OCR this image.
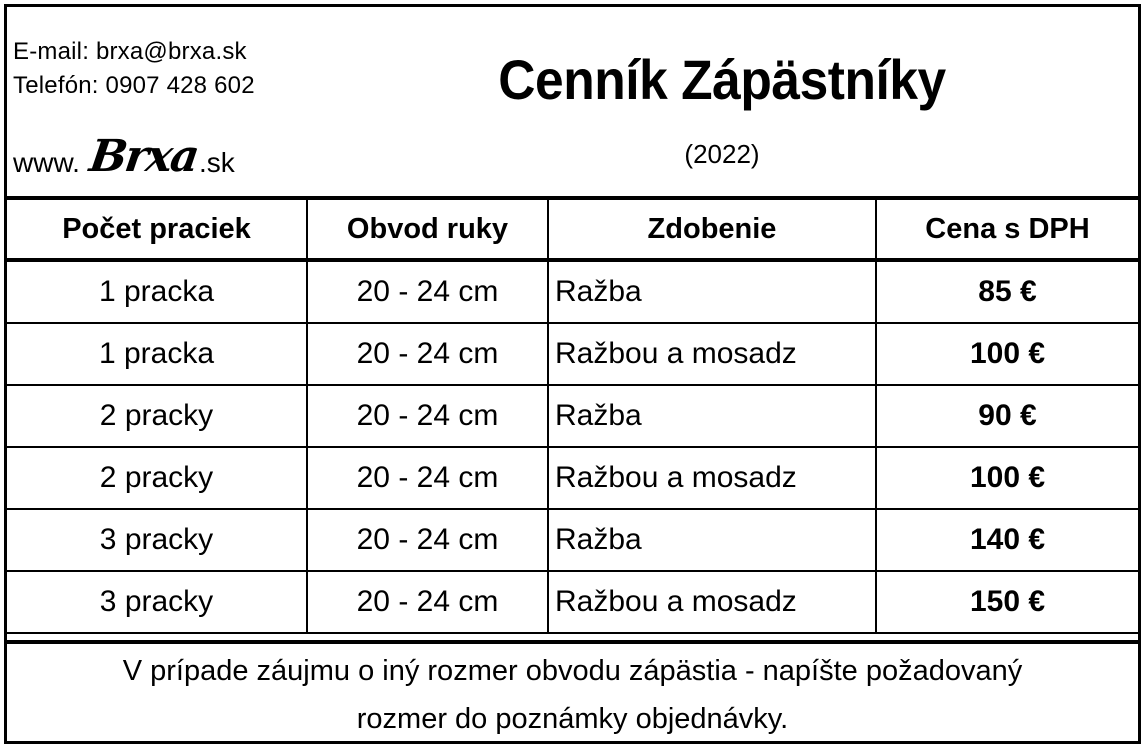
E-mail: brxa@brxa.sk
Telefón: 0907 428 602
www. Brxa
.sk
Cenník Zápästníky
(2022)
Počet praciek	Obvod ruky	Zdobenie	Cena s DPH
1 pracka	20 - 24 cm	Ražba	85 €
1 pracka	20 - 24 cm	Ražbou a mosadz	100 €
2 pracky	20 - 24 cm	Ražba	90 €
2 pracky	20 - 24 cm	Ražbou a mosadz	100 €
3 pracky	20 - 24 cm	Ražba	140 €
3 pracky	20 - 24 cm	Ražbou a mosadz	150 €
V prípade záujmu o iný rozmer obvodu zápästia - napíšte požadovaný
rozmer do poznámky objednávky.
